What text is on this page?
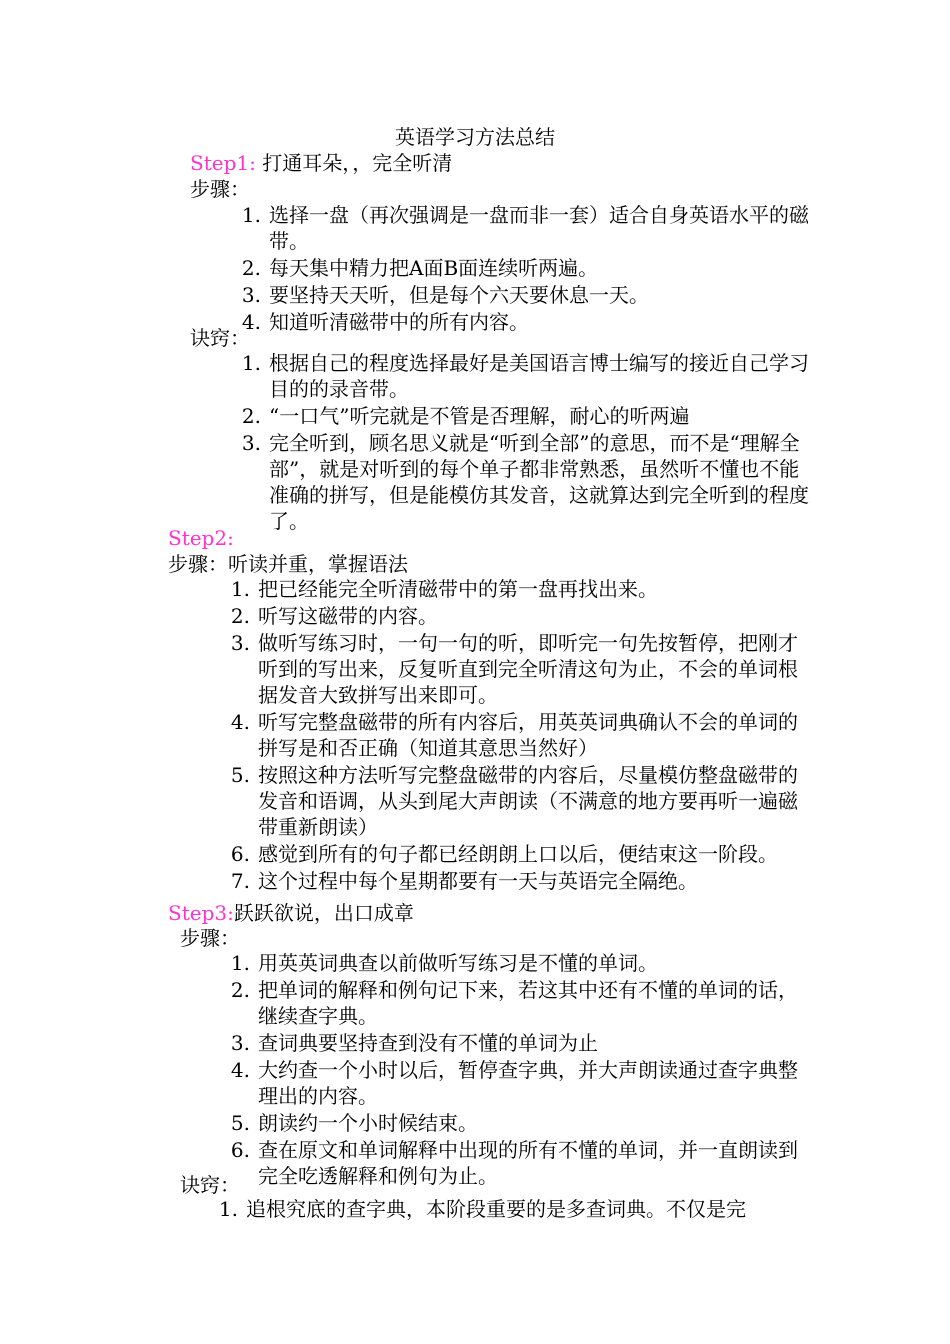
英语学习方法总结
Step1: 打通耳朵，，完全听清
步骤：
1. 选择一盘（再次强调是一盘而非一套）适合自身英语水平的磁带。
2. 每天集中精力把A面B面连续听两遍。
3. 要坚持天天听，但是每个六天要休息一天。
4. 知道听清磁带中的所有内容。
诀窍：
1. 根据自己的程度选择最好是美国语言博士编写的接近自己学习目的的录音带。
2. “一口气”听完就是不管是否理解，耐心的听两遍
3. 完全听到，顾名思义就是“听到全部”的意思，而不是“理解全部”，就是对听到的每个单子都非常熟悉，虽然听不懂也不能准确的拼写，但是能模仿其发音，这就算达到完全听到的程度了。
Step2:
步骤：听读并重，掌握语法
1. 把已经能完全听清磁带中的第一盘再找出来。
2. 听写这磁带的内容。
3. 做听写练习时，一句一句的听，即听完一句先按暂停，把刚才听到的写出来，反复听直到完全听清这句为止，不会的单词根据发音大致拼写出来即可。
4. 听写完整盘磁带的所有内容后，用英英词典确认不会的单词的拼写是和否正确（知道其意思当然好）
5. 按照这种方法听写完整盘磁带的内容后，尽量模仿整盘磁带的发音和语调，从头到尾大声朗读（不满意的地方要再听一遍磁带重新朗读）
6. 感觉到所有的句子都已经朗朗上口以后，便结束这一阶段。
7. 这个过程中每个星期都要有一天与英语完全隔绝。
Step3:跃跃欲说，出口成章
步骤：
1. 用英英词典查以前做听写练习是不懂的单词。
2. 把单词的解释和例句记下来，若这其中还有不懂的单词的话，继续查字典。
3. 查词典要坚持查到没有不懂的单词为止
4. 大约查一个小时以后，暂停查字典，并大声朗读通过查字典整理出的内容。
5. 朗读约一个小时候结束。
6. 查在原文和单词解释中出现的所有不懂的单词，并一直朗读到完全吃透解释和例句为止。
诀窍：
1. 追根究底的查字典，本阶段重要的是多查词典。不仅是完
